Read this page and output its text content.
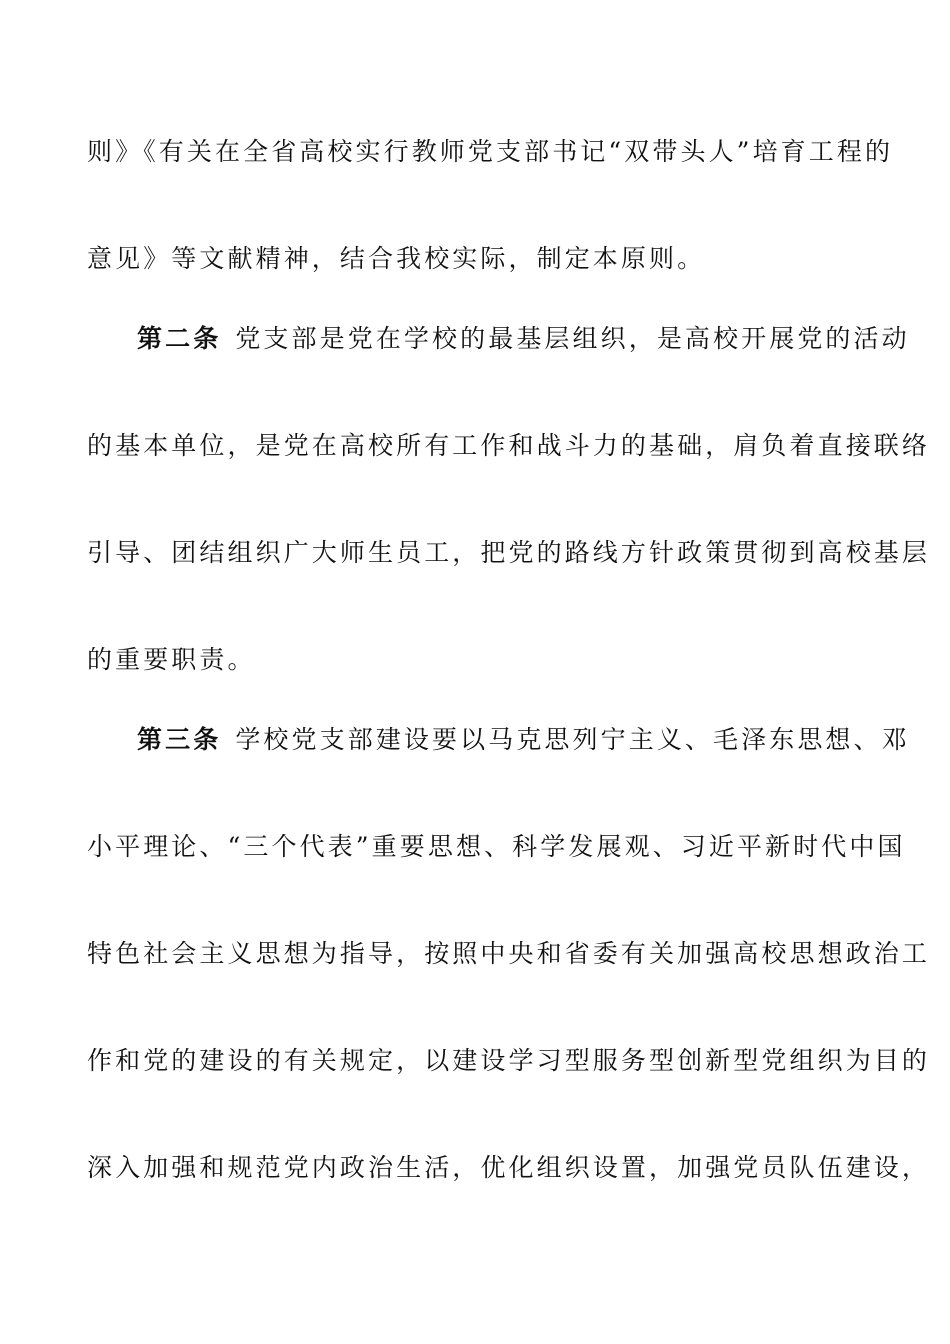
则》《有关在全省高校实行教师党支部书记“双带头人”培育工程的
意见》等文献精神，结合我校实际，制定本原则。
第二条 党支部是党在学校的最基层组织，是高校开展党的活动
的基本单位，是党在高校所有工作和战斗力的基础，肩负着直接联络
引导、团结组织广大师生员工，把党的路线方针政策贯彻到高校基层
的重要职责。
第三条 学校党支部建设要以马克思列宁主义、毛泽东思想、邓
小平理论、“三个代表”重要思想、科学发展观、习近平新时代中国
特色社会主义思想为指导，按照中央和省委有关加强高校思想政治工
作和党的建设的有关规定，以建设学习型服务型创新型党组织为目的
深入加强和规范党内政治生活，优化组织设置，加强党员队伍建设，
